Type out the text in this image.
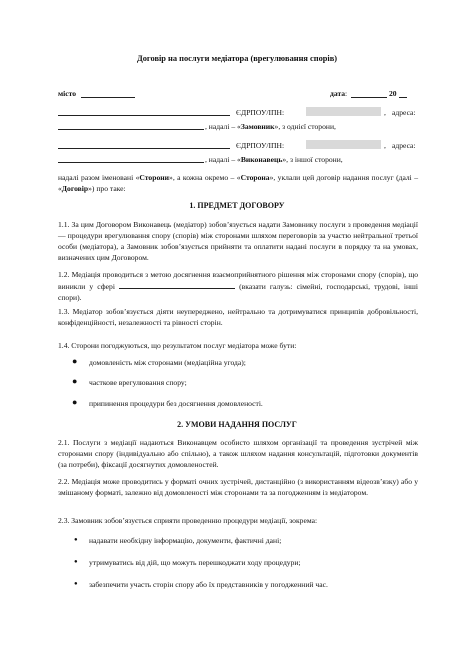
Договір на послуги медіатора (врегулювання спорів)
місто	дата :	20
ЄДРПОУ/ІПН:	, адреса:
, надалі – «Замовник», з однієї сторони,
ЄДРПОУ/ІПН:	, адреса:
, надалі – «Виконавець», з іншої сторони,
надалі разом іменовані «Сторони», а кожна окремо – «Сторона», уклали цей договір надання послуг (далі – «Договір») про таке:
1. ПРЕДМЕТ ДОГОВОРУ
1.1. За цим Договором Виконавець (медіатор) зобов’язується надати Замовнику послуги з проведення медіації — процедури врегулювання спору (спорів) між сторонами шляхом переговорів за участю нейтральної третьої особи (медіатора), а Замовник зобов’язується прийняти та оплатити надані послуги в порядку та на умовах, визначених цим Договором.
1.2. Медіація проводиться з метою досягнення взаємоприйнятного рішення між сторонами спору (спорів), що виникли у сфері	(вказати галузь: сімейні, господарські, трудові, інші спори).
1.3. Медіатор зобов’язується діяти неупереджено, нейтрально та дотримуватися принципів добровільності, конфіденційності, незалежності та рівності сторін.
1.4. Сторони погоджуються, що результатом послуг медіатора може бути:
● домовленість між сторонами (медіаційна угода);
● часткове врегулювання спору;
● припинення процедури без досягнення домовленості.
2. УМОВИ НАДАННЯ ПОСЛУГ
2.1. Послуги з медіації надаються Виконавцем особисто шляхом організації та проведення зустрічей між сторонами спору (індивідуально або спільно), а також шляхом надання консультацій, підготовки документів (за потреби), фіксації досягнутих домовленостей.
2.2. Медіація може проводитись у форматі очних зустрічей, дистанційно (з використанням відеозв’язку) або у змішаному форматі, залежно від домовленості між сторонами та за погодженням із медіатором.
2.3. Замовник зобов’язується сприяти проведенню процедури медіації, зокрема:
● надавати необхідну інформацію, документи, фактичні дані;
● утримуватись від дій, що можуть перешкоджати ходу процедури;
● забезпечити участь сторін спору або їх представників у погодженний час.
